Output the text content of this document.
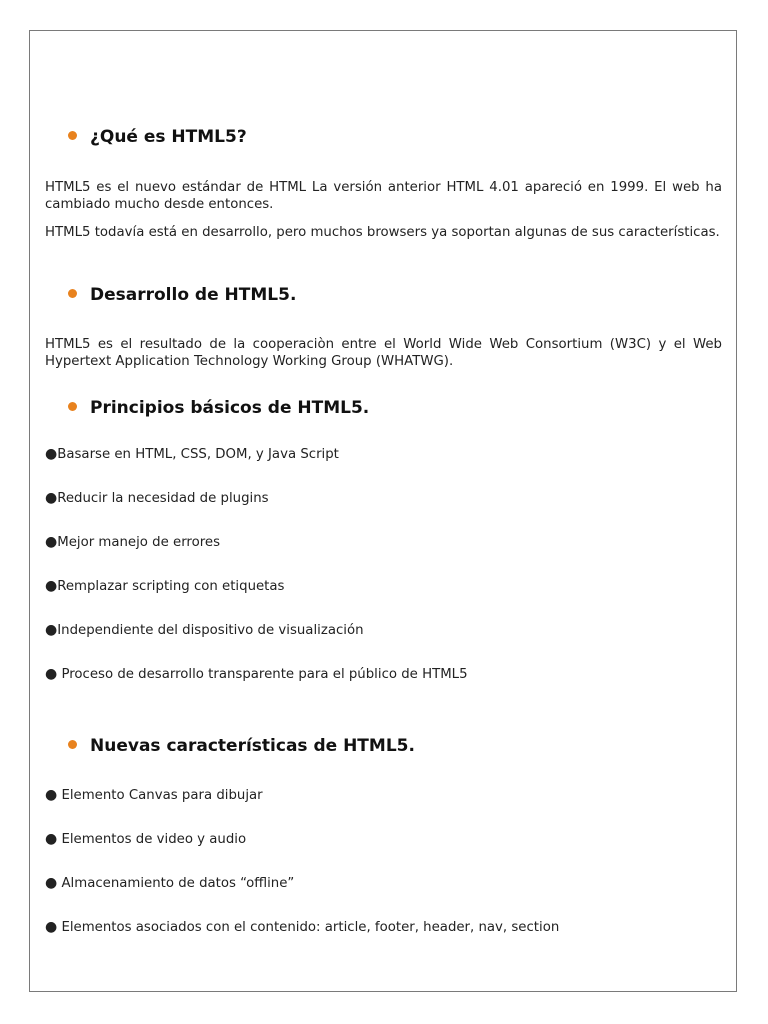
¿Qué es HTML5?

HTML5 es el nuevo estándar de HTML La versión anterior HTML 4.01 apareció en 1999. El web ha cambiado mucho desde entonces.

HTML5 todavía está en desarrollo, pero muchos browsers ya soportan algunas de sus características.

Desarrollo de HTML5.

HTML5 es el resultado de la cooperaciòn entre el World Wide Web Consortium (W3C) y el Web Hypertext Application Technology Working Group (WHATWG).

Principios básicos de HTML5.

●Basarse en HTML, CSS, DOM, y Java Script

●Reducir la necesidad de plugins

●Mejor manejo de errores

●Remplazar scripting con etiquetas

●Independiente del dispositivo de visualización

● Proceso de desarrollo transparente para el público de HTML5

Nuevas características de HTML5.

● Elemento Canvas para dibujar

● Elementos de video y audio

● Almacenamiento de datos “offline”

● Elementos asociados con el contenido: article, footer, header, nav, section
